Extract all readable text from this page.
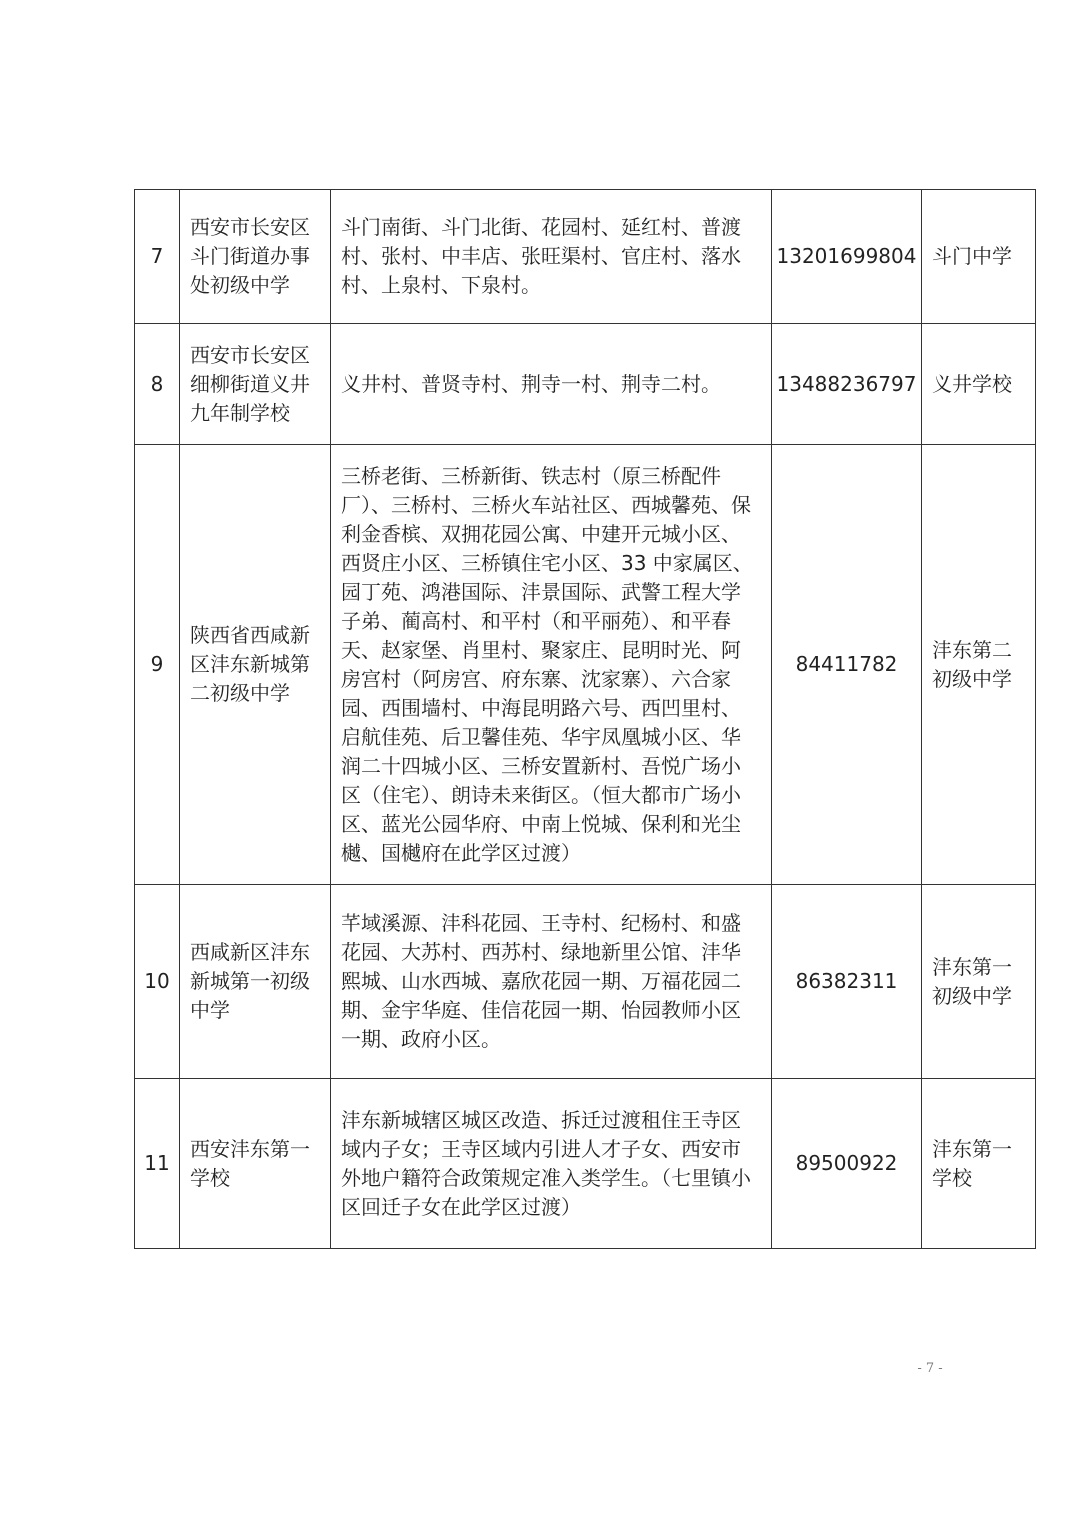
7	西安市长安区斗门街道办事处初级中学	斗门南街、斗门北街、花园村、延红村、普渡村、张村、中丰店、张旺渠村、官庄村、落水村、上泉村、下泉村。	13201699804	斗门中学
8	西安市长安区细柳街道义井九年制学校	义井村、普贤寺村、荆寺一村、荆寺二村。	13488236797	义井学校
9	陕西省西咸新区沣东新城第二初级中学	三桥老街、三桥新街、铁志村（原三桥配件厂）、三桥村、三桥火车站社区、西城馨苑、保利金香槟、双拥花园公寓、中建开元城小区、西贤庄小区、三桥镇住宅小区、33 中家属区、园丁苑、鸿港国际、沣景国际、武警工程大学子弟、蔺高村、和平村（和平丽苑）、和平春天、赵家堡、肖里村、聚家庄、昆明时光、阿房宫村（阿房宫、府东寨、沈家寨）、六合家园、西围墙村、中海昆明路六号、西凹里村、启航佳苑、后卫馨佳苑、华宇凤凰城小区、华润二十四城小区、三桥安置新村、吾悦广场小区（住宅）、朗诗未来街区。（恒大都市广场小区、蓝光公园华府、中南上悦城、保利和光尘樾、国樾府在此学区过渡）	84411782	沣东第二初级中学
10	西咸新区沣东新城第一初级中学	芊域溪源、沣科花园、王寺村、纪杨村、和盛花园、大苏村、西苏村、绿地新里公馆、沣华熙城、山水西城、嘉欣花园一期、万福花园二期、金宇华庭、佳信花园一期、怡园教师小区一期、政府小区。	86382311	沣东第一初级中学
11	西安沣东第一学校	沣东新城辖区城区改造、拆迁过渡租住王寺区域内子女；王寺区域内引进人才子女、西安市外地户籍符合政策规定准入类学生。（七里镇小区回迁子女在此学区过渡）	89500922	沣东第一学校
- 7 -
